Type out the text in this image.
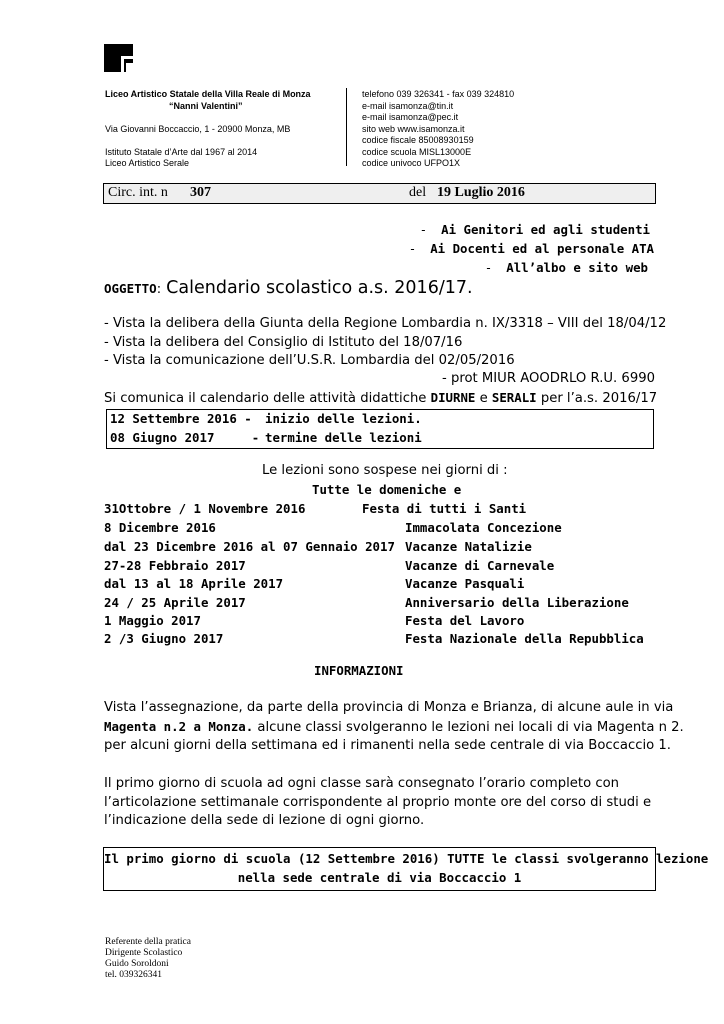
Liceo Artistico Statale della Villa Reale di Monza
“Nanni Valentini”
Via Giovanni Boccaccio, 1 - 20900 Monza, MB
Istituto Statale d’Arte dal 1967 al 2014
Liceo Artistico Serale
telefono 039 326341 - fax 039 324810
e-mail isamonza@tin.it
e-mail isamonza@pec.it
sito web www.isamonza.it
codice fiscale 85008930159
codice scuola MISL13000E
codice univoco UFPO1X
Circ. int. n 307	del 19 Luglio 2016
- Ai Genitori ed agli studenti
- Ai Docenti ed al personale ATA
- All’albo e sito web
OGGETTO: Calendario scolastico a.s. 2016/17.
- Vista la delibera della Giunta della Regione Lombardia n. IX/3318 – VIII del 18/04/12
- Vista la delibera del Consiglio di Istituto del 18/07/16
- Vista la comunicazione dell’U.S.R. Lombardia del 02/05/2016
- prot MIUR AOODRLO R.U. 6990
Si comunica il calendario delle attività didattiche DIURNE e SERALI per l’a.s. 2016/17
12 Settembre 2016 - inizio delle lezioni.
08 Giugno 2017     - termine delle lezioni
Le lezioni sono sospese nei giorni di :
Tutte le domeniche e
31Ottobre / 1 Novembre 2016	Festa di tutti i Santi
8 Dicembre 2016	Immacolata Concezione
dal 23 Dicembre 2016 al 07 Gennaio 2017 Vacanze Natalizie
27-28 Febbraio 2017	Vacanze di Carnevale
dal 13 al 18 Aprile 2017	Vacanze Pasquali
24 / 25 Aprile 2017	Anniversario della Liberazione
1 Maggio 2017	Festa del Lavoro
2 /3 Giugno 2017	Festa Nazionale della Repubblica
INFORMAZIONI
Vista l’assegnazione, da parte della provincia di Monza e Brianza, di alcune aule in via
Magenta n.2 a Monza. alcune classi svolgeranno le lezioni nei locali di via Magenta n 2.
per alcuni giorni della settimana ed i rimanenti nella sede centrale di via Boccaccio 1.
Il primo giorno di scuola ad ogni classe sarà consegnato l’orario completo con
l’articolazione settimanale corrispondente al proprio monte ore del corso di studi e
l’indicazione della sede di lezione di ogni giorno.
Il primo giorno di scuola (12 Settembre 2016) TUTTE le classi svolgeranno lezione
nella sede centrale di via Boccaccio 1
Referente della pratica
Dirigente Scolastico
Guido Soroldoni
tel. 039326341
